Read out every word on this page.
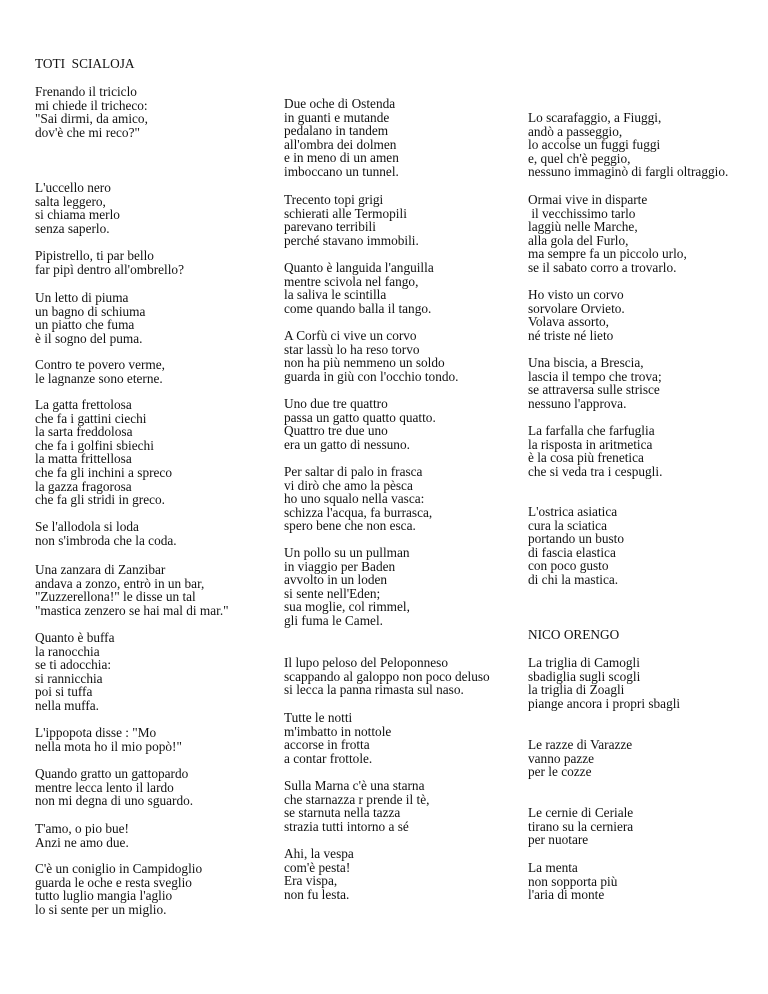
TOTI  SCIALOJA
Frenando il triciclo
mi chiede il tricheco:
"Sai dirmi, da amico,
dov'è che mi reco?"
L'uccello nero
salta leggero,
si chiama merlo
senza saperlo.
Pipistrello, ti par bello
far pipì dentro all'ombrello?
Un letto di piuma
un bagno di schiuma
un piatto che fuma
è il sogno del puma.
Contro te povero verme,
le lagnanze sono eterne.
La gatta frettolosa
che fa i gattini ciechi
la sarta freddolosa
che fa i golfini sbiechi
la matta frittellosa
che fa gli inchini a spreco
la gazza fragorosa
che fa gli stridi in greco.
Se l'allodola si loda
non s'imbroda che la coda.
Una zanzara di Zanzibar
andava a zonzo, entrò in un bar,
"Zuzzerellona!" le disse un tal
"mastica zenzero se hai mal di mar."
Quanto è buffa
la ranocchia
se ti adocchia:
si rannicchia
poi si tuffa
nella muffa.
L'ippopota disse : "Mo
nella mota ho il mio popò!"
Quando gratto un gattopardo
mentre lecca lento il lardo
non mi degna di uno sguardo.
T'amo, o pio bue!
Anzi ne amo due.
C'è un coniglio in Campidoglio
guarda le oche e resta sveglio
tutto luglio mangia l'aglio
lo si sente per un miglio.
Due oche di Ostenda
in guanti e mutande
pedalano in tandem
all'ombra dei dolmen
e in meno di un amen
imboccano un tunnel.
Trecento topi grigi
schierati alle Termopili
parevano terribili
perché stavano immobili.
Quanto è languida l'anguilla
mentre scivola nel fango,
la saliva le scintilla
come quando balla il tango.
A Corfù ci vive un corvo
star lassù lo ha reso torvo
non ha più nemmeno un soldo
guarda in giù con l'occhio tondo.
Uno due tre quattro
passa un gatto quatto quatto.
Quattro tre due uno
era un gatto di nessuno.
Per saltar di palo in frasca
vi dirò che amo la pèsca
ho uno squalo nella vasca:
schizza l'acqua, fa burrasca,
spero bene che non esca.
Un pollo su un pullman
in viaggio per Baden
avvolto in un loden
si sente nell'Eden;
sua moglie, col rimmel,
gli fuma le Camel.
Il lupo peloso del Peloponneso
scappando al galoppo non poco deluso
si lecca la panna rimasta sul naso.
Tutte le notti
m'imbatto in nottole
accorse in frotta
a contar frottole.
Sulla Marna c'è una starna
che starnazza r prende il tè,
se starnuta nella tazza
strazia tutti intorno a sé
Ahi, la vespa
com'è pesta!
Era vispa,
non fu lesta.
Lo scarafaggio, a Fiuggi,
andò a passeggio,
lo accolse un fuggi fuggi
e, quel ch'è peggio,
nessuno immaginò di fargli oltraggio.
Ormai vive in disparte
il vecchissimo tarlo
laggiù nelle Marche,
alla gola del Furlo,
ma sempre fa un piccolo urlo,
se il sabato corro a trovarlo.
Ho visto un corvo
sorvolare Orvieto.
Volava assorto,
né triste né lieto
Una biscia, a Brescia,
lascia il tempo che trova;
se attraversa sulle strisce
nessuno l'approva.
La farfalla che farfuglia
la risposta in aritmetica
è la cosa più frenetica
che si veda tra i cespugli.
L'ostrica asiatica
cura la sciatica
portando un busto
di fascia elastica
con poco gusto
di chi la mastica.
NICO ORENGO
La triglia di Camogli
sbadiglia sugli scogli
la triglia di Zoagli
piange ancora i propri sbagli
Le razze di Varazze
vanno pazze
per le cozze
Le cernie di Ceriale
tirano su la cerniera
per nuotare
La menta
non sopporta più
l'aria di monte
